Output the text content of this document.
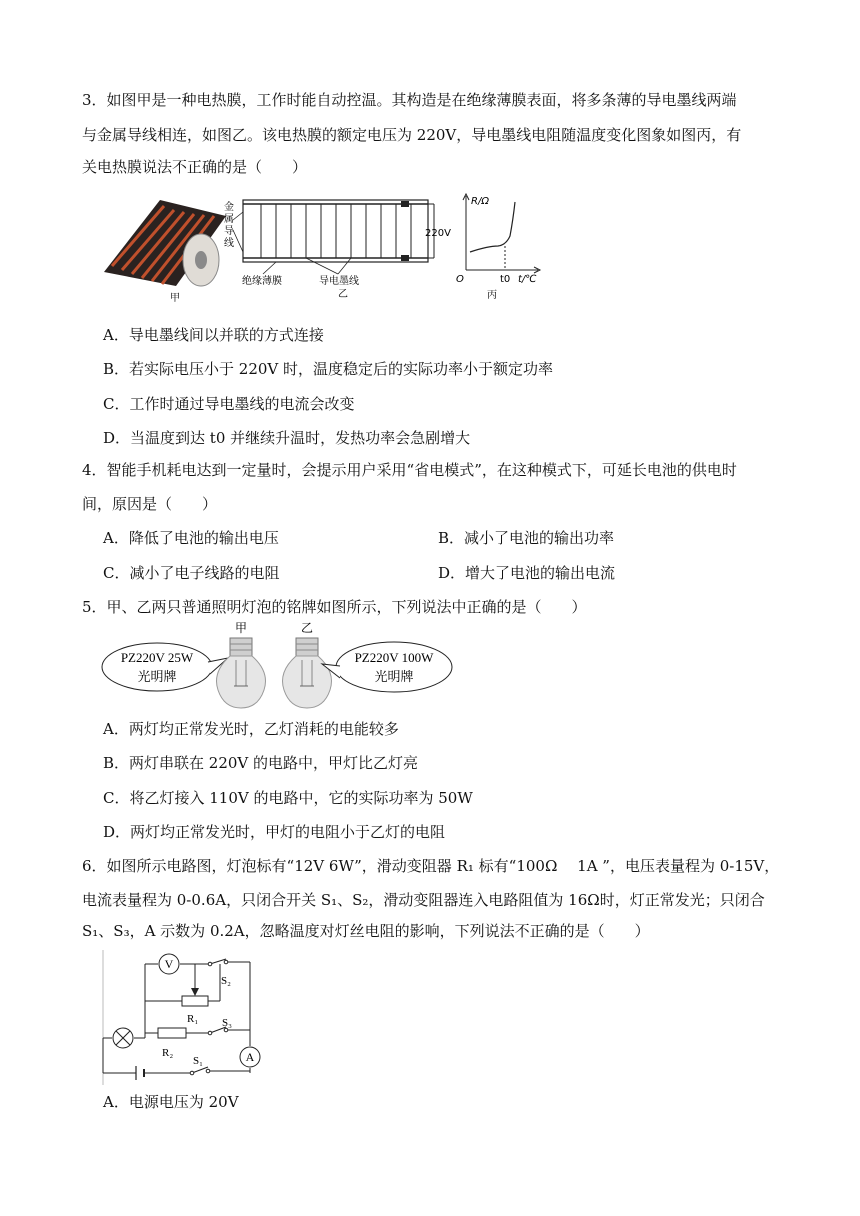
3．如图甲是一种电热膜，工作时能自动控温。其构造是在绝缘薄膜表面，将多条薄的导电墨线两端
与金属导线相连，如图乙。该电热膜的额定电压为 220V，导电墨线电阻随温度变化图象如图丙，有
关电热膜说法不正确的是（　　）
甲
金
属
导
线
220V
绝缘薄膜	导电墨线
乙
R/Ω
O	t0 t/℃
丙
A．导电墨线间以并联的方式连接
B．若实际电压小于 220V 时，温度稳定后的实际功率小于额定功率
C．工作时通过导电墨线的电流会改变
D．当温度到达 t0 并继续升温时，发热功率会急剧增大
4．智能手机耗电达到一定量时，会提示用户采用“省电模式”，在这种模式下，可延长电池的供电时
间，原因是（　　）
A．降低了电池的输出电压	B．减小了电池的输出功率
C．减小了电子线路的电阻	D．增大了电池的输出电流
5．甲、乙两只普通照明灯泡的铭牌如图所示，下列说法中正确的是（　　）
PZ220V 25W
光明牌
甲	乙
PZ220V 100W
光明牌
A．两灯均正常发光时，乙灯消耗的电能较多
B．两灯串联在 220V 的电路中，甲灯比乙灯亮
C．将乙灯接入 110V 的电路中，它的实际功率为 50W
D．两灯均正常发光时，甲灯的电阻小于乙灯的电阻
6．如图所示电路图，灯泡标有“12V 6W”，滑动变阻器 R₁ 标有“100Ω　 1A ”，电压表量程为 0-15V，
电流表量程为 0-0.6A，只闭合开关 S₁、S₂，滑动变阻器连入电路阻值为 16Ω时，灯正常发光；只闭合
S₁、S₃，A 示数为 0.2A，忽略温度对灯丝电阻的影响，下列说法不正确的是（　　）
V
S₂
R₁ S₃
R₂	A
S₁
A．电源电压为 20V
